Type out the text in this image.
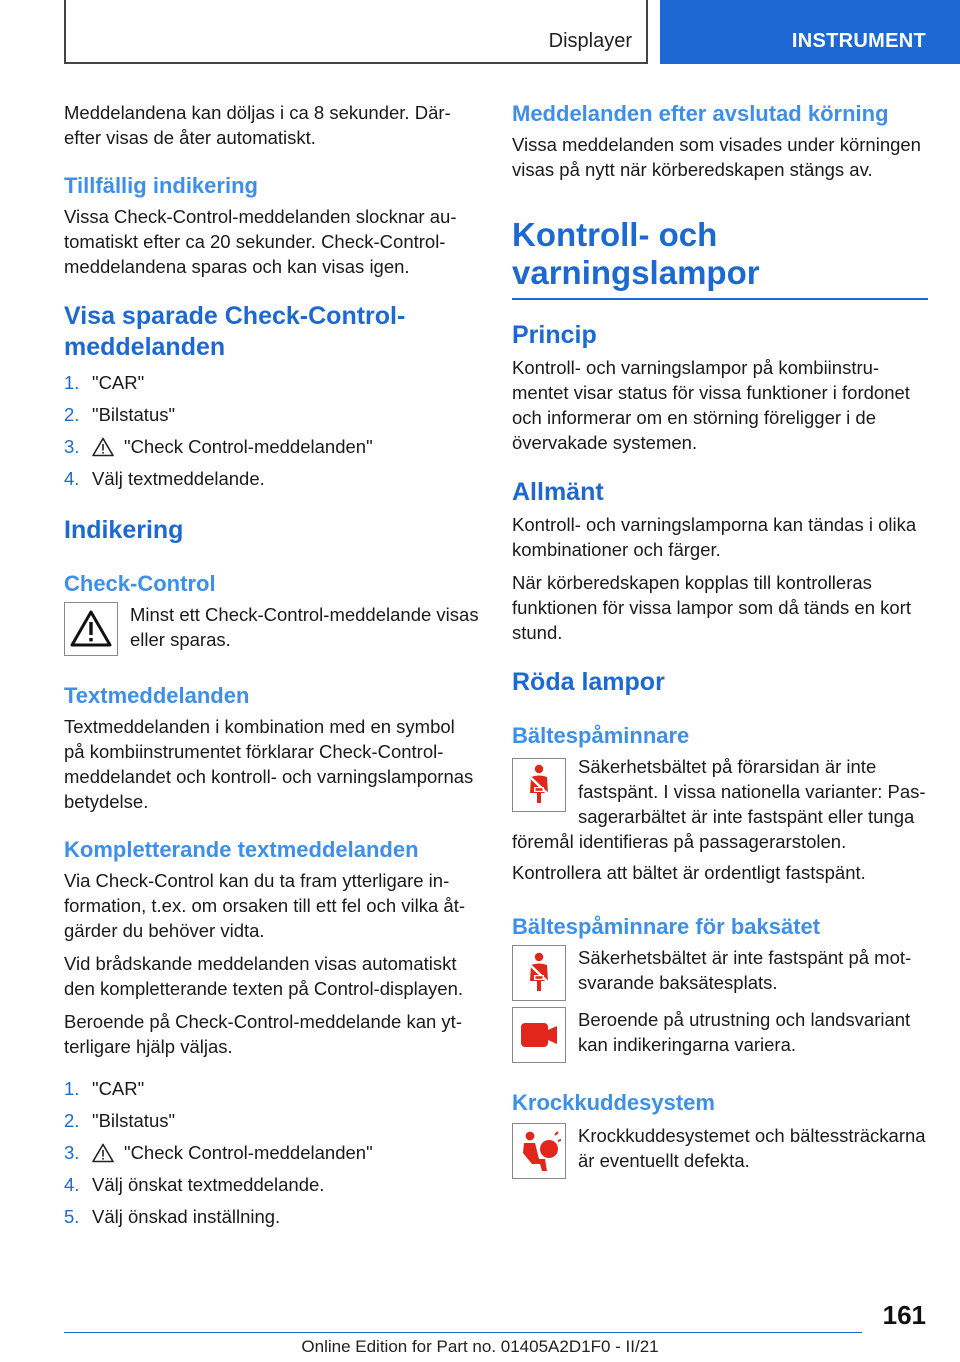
Displayer	INSTRUMENT

Meddelandena kan döljas i ca 8 sekunder. Därefter visas de åter automatiskt.

Tillfällig indikering

Vissa Check-Control-meddelanden slocknar automatiskt efter ca 20 sekunder. Check-Control-meddelandena sparas och kan visas igen.

Visa sparade Check-Control-meddelanden
1. "CAR"
2. "Bilstatus"
3.	"Check Control-meddelanden"
4. Välj textmeddelande.
Indikering
Check-Control

Minst ett Check-Control-meddelande visas eller sparas.

Textmeddelanden

Textmeddelanden i kombination med en symbol på kombiinstrumentet förklarar Check-Control-meddelandet och kontroll- och varningslampornas betydelse.

Kompletterande textmeddelanden

Via Check-Control kan du ta fram ytterligare information, t.ex. om orsaken till ett fel och vilka åtgärder du behöver vidta.

Vid brådskande meddelanden visas automatiskt den kompletterande texten på Control-displayen.

Beroende på Check-Control-meddelande kan ytterligare hjälp väljas.

1. "CAR"
2. "Bilstatus"
3.	"Check Control-meddelanden"
4. Välj önskat textmeddelande.
5. Välj önskad inställning.
Meddelanden efter avslutad körning

Vissa meddelanden som visades under körningen visas på nytt när körberedskapen stängs av.

Kontroll- och varningslampor
Princip

Kontroll- och varningslampor på kombiinstrumentet visar status för vissa funktioner i fordonet och informerar om en störning föreligger i de övervakade systemen.

Allmänt

Kontroll- och varningslamporna kan tändas i olika kombinationer och färger.

När körberedskapen kopplas till kontrolleras funktionen för vissa lampor som då tänds en kort stund.

Röda lampor
Bältespåminnare

Säkerhetsbältet på förarsidan är inte fastspänt. I vissa nationella varianter: Passagerarbältet är inte fastspänt eller tunga föremål identifieras på passagerarstolen.

Kontrollera att bältet är ordentligt fastspänt.

Bältespåminnare för baksätet

Säkerhetsbältet är inte fastspänt på motsvarande baksätesplats.

Beroende på utrustning och landsvariant kan indikeringarna variera.

Krockkuddesystem

Krockkuddesystemet och bältessträckarna är eventuellt defekta.

161
Online Edition for Part no. 01405A2D1F0 - II/21
